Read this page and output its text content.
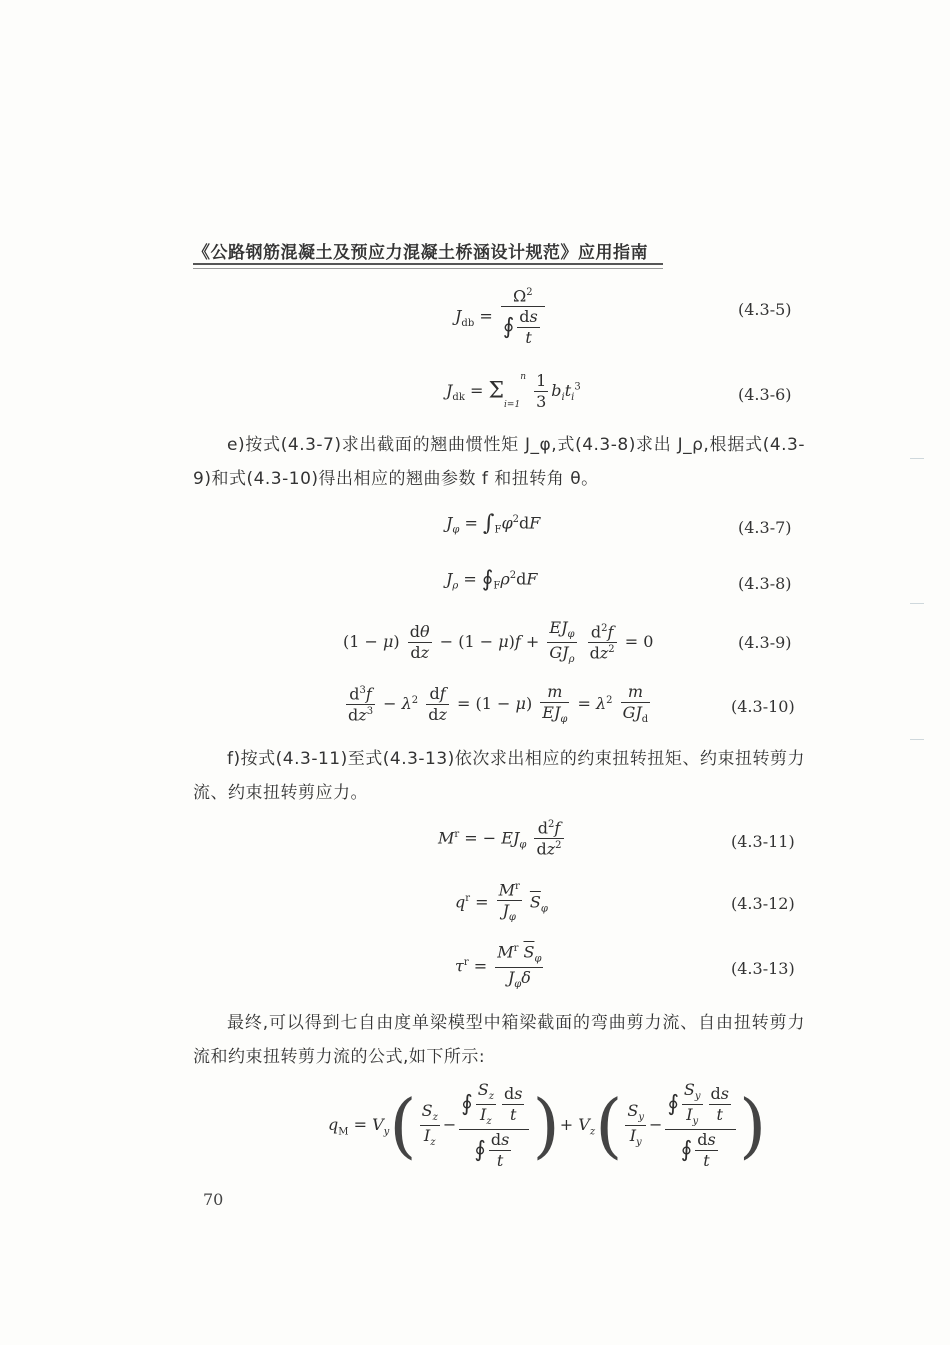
《公路钢筋混凝土及预应力混凝土桥涵设计规范》应用指南
$J_{db} = \frac{\Omega^2}{∮ \frac{ds}{t}}$	(4.3-5)
$J_{dk} = \Sigma i=1^n \frac{1}{3} b_it_i^3$	(4.3-6)
e)按式(4.3-7)求出截面的翘曲惯性矩 J_φ,式(4.3-8)求出 J_ρ,根据式(4.3-9)和式(4.3-10)得出相应的翘曲参数 f 和扭转角 θ。
$J_\varphi = \int_F\varphi^2dF$	(4.3-7)
$J_\rho$ = $∮_F\rho^2dF$	(4.3-8)
$(1 - \mu) \frac{d\theta}{dz} - (1 - \mu)f + \frac{EJ_\varphi}{GJ_\rho}$
$\frac{d^2f}{dz^2} = 0$	(4.3-9)
$\frac{d^3f}{dz^3} - \lambda^2 \frac{df}{dz} = (1 - \mu) \frac{m}{EJ_\varphi} = \lambda^2 \frac{m}{GJ_d}$	(4.3-10)
f)按式(4.3-11)至式(4.3-13)依次求出相应的约束扭转扭矩、约束扭转剪力流、约束扭转剪应力。
$M^r$ = − $EJ_\varphi \frac{d^2f}{dz^2}$	(4.3-11)
$q^r = \frac{M^r}{J_\varphi} \overline{S}_\varphi$	(4.3-12)
$\tau^r = \frac{M^r \overline{S}_\varphi}{J_\varphi\delta}$	(4.3-13)
最终,可以得到七自由度单梁模型中箱梁截面的弯曲剪力流、自由扭转剪力流和约束扭转剪力流的公式,如下所示:
$q_M = V_y( \frac{S_z}{I_z} - \frac{∮ \frac{S_z}{I_z} \frac{ds}{t}}{∮ \frac{ds}{t}}$ )+ $V_z( \frac{S_y}{I_y} - \frac{∮ \frac{S_y}{I_y} \frac{ds}{t}}{∮ \frac{ds}{t}}$ )
70
